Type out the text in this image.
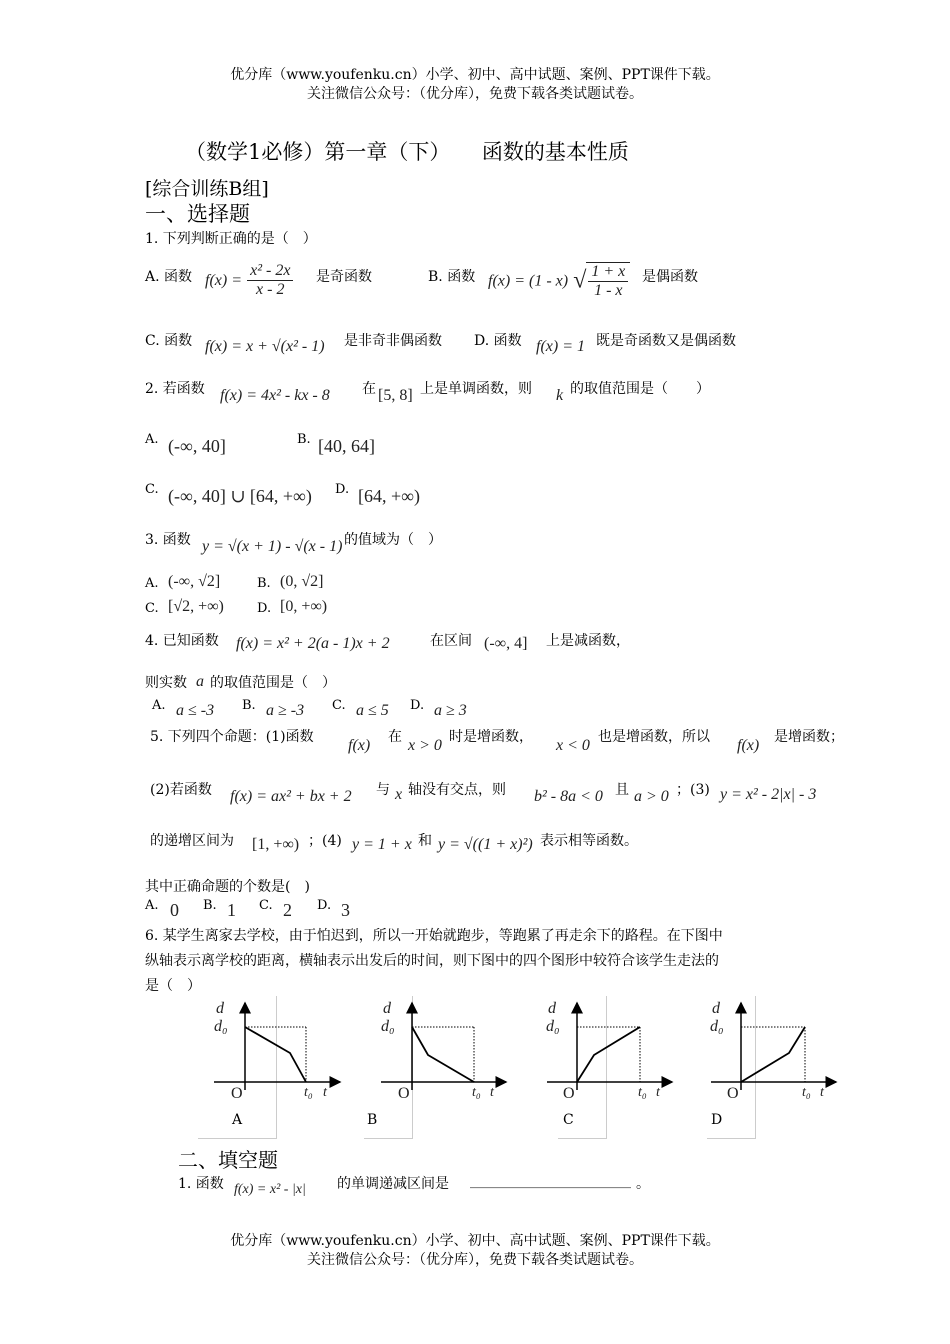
优分库（www.youfenku.cn）小学、初中、高中试题、案例、PPT课件下载。
关注微信公众号：（优分库），免费下载各类试题试卷。
（数学1必修）第一章（下）　　函数的基本性质
[综合训练B组]
一、选择题
1. 下列判断正确的是（　）
A. 函数 $f(x) = \frac{\text{x² - 2x}}{x - 2}$ 是奇函数	B. 函数 f(x) = (1 - x) √ $\frac{1 + x}{1 - x}$ 是偶函数
C. 函数 f(x) = x + √(x² - 1) 是非奇非偶函数 D. 函数 f(x) = 1 既是奇函数又是偶函数
2. 若函数 f(x) = 4x² - kx - 8 在 [5, 8] 上是单调函数，则 k 的取值范围是（　　）
A. (-∞, 40]	B. [40, 64]
C. (-∞, 40] ∪ [64, +∞) D. [64, +∞)
3. 函数 y = √(x + 1) - √(x - 1) 的值域为（　）
A. (-∞, √2]	B. (0, √2]
C. [√2, +∞)	D. [0, +∞)
4. 已知函数 f(x) = x² + 2(a - 1)x + 2	在区间 (-∞, 4] 上是减函数，
则实数 a 的取值范围是（　）
A. a ≤ -3 B. a ≥ -3 C. a ≤ 5 D. a ≥ 3
5. 下列四个命题：(1)函数 f(x) 在 x > 0 时是增函数， x < 0 也是增函数，所以 f(x) 是增函数；
(2)若函数 f(x) = ax² + bx + 2 与 x 轴没有交点，则 b² - 8a < 0 且 a > 0 ；(3) y = x² - 2|x| - 3
的递增区间为 [1, +∞) ；(4) y = 1 + x 和 y = √((1 + x)²) 表示相等函数。
其中正确命题的个数是(　)
A. 0 B. 1 C. 2 D. 3
6. 某学生离家去学校，由于怕迟到，所以一开始就跑步，等跑累了再走余下的路程。在下图中
纵轴表示离学校的距离，横轴表示出发后的时间，则下图中的四个图形中较符合该学生走法的
是（　）
d
d₀
O	t₀ t
A
d
d₀
O	t₀ t
B
d
d₀
O	t₀ t
C
d
d₀
O	t₀ t
D
二、填空题
1. 函数 f(x) = x² - |x| 的单调递减区间是 _______________________ 。
优分库（www.youfenku.cn）小学、初中、高中试题、案例、PPT课件下载。
关注微信公众号：（优分库），免费下载各类试题试卷。
